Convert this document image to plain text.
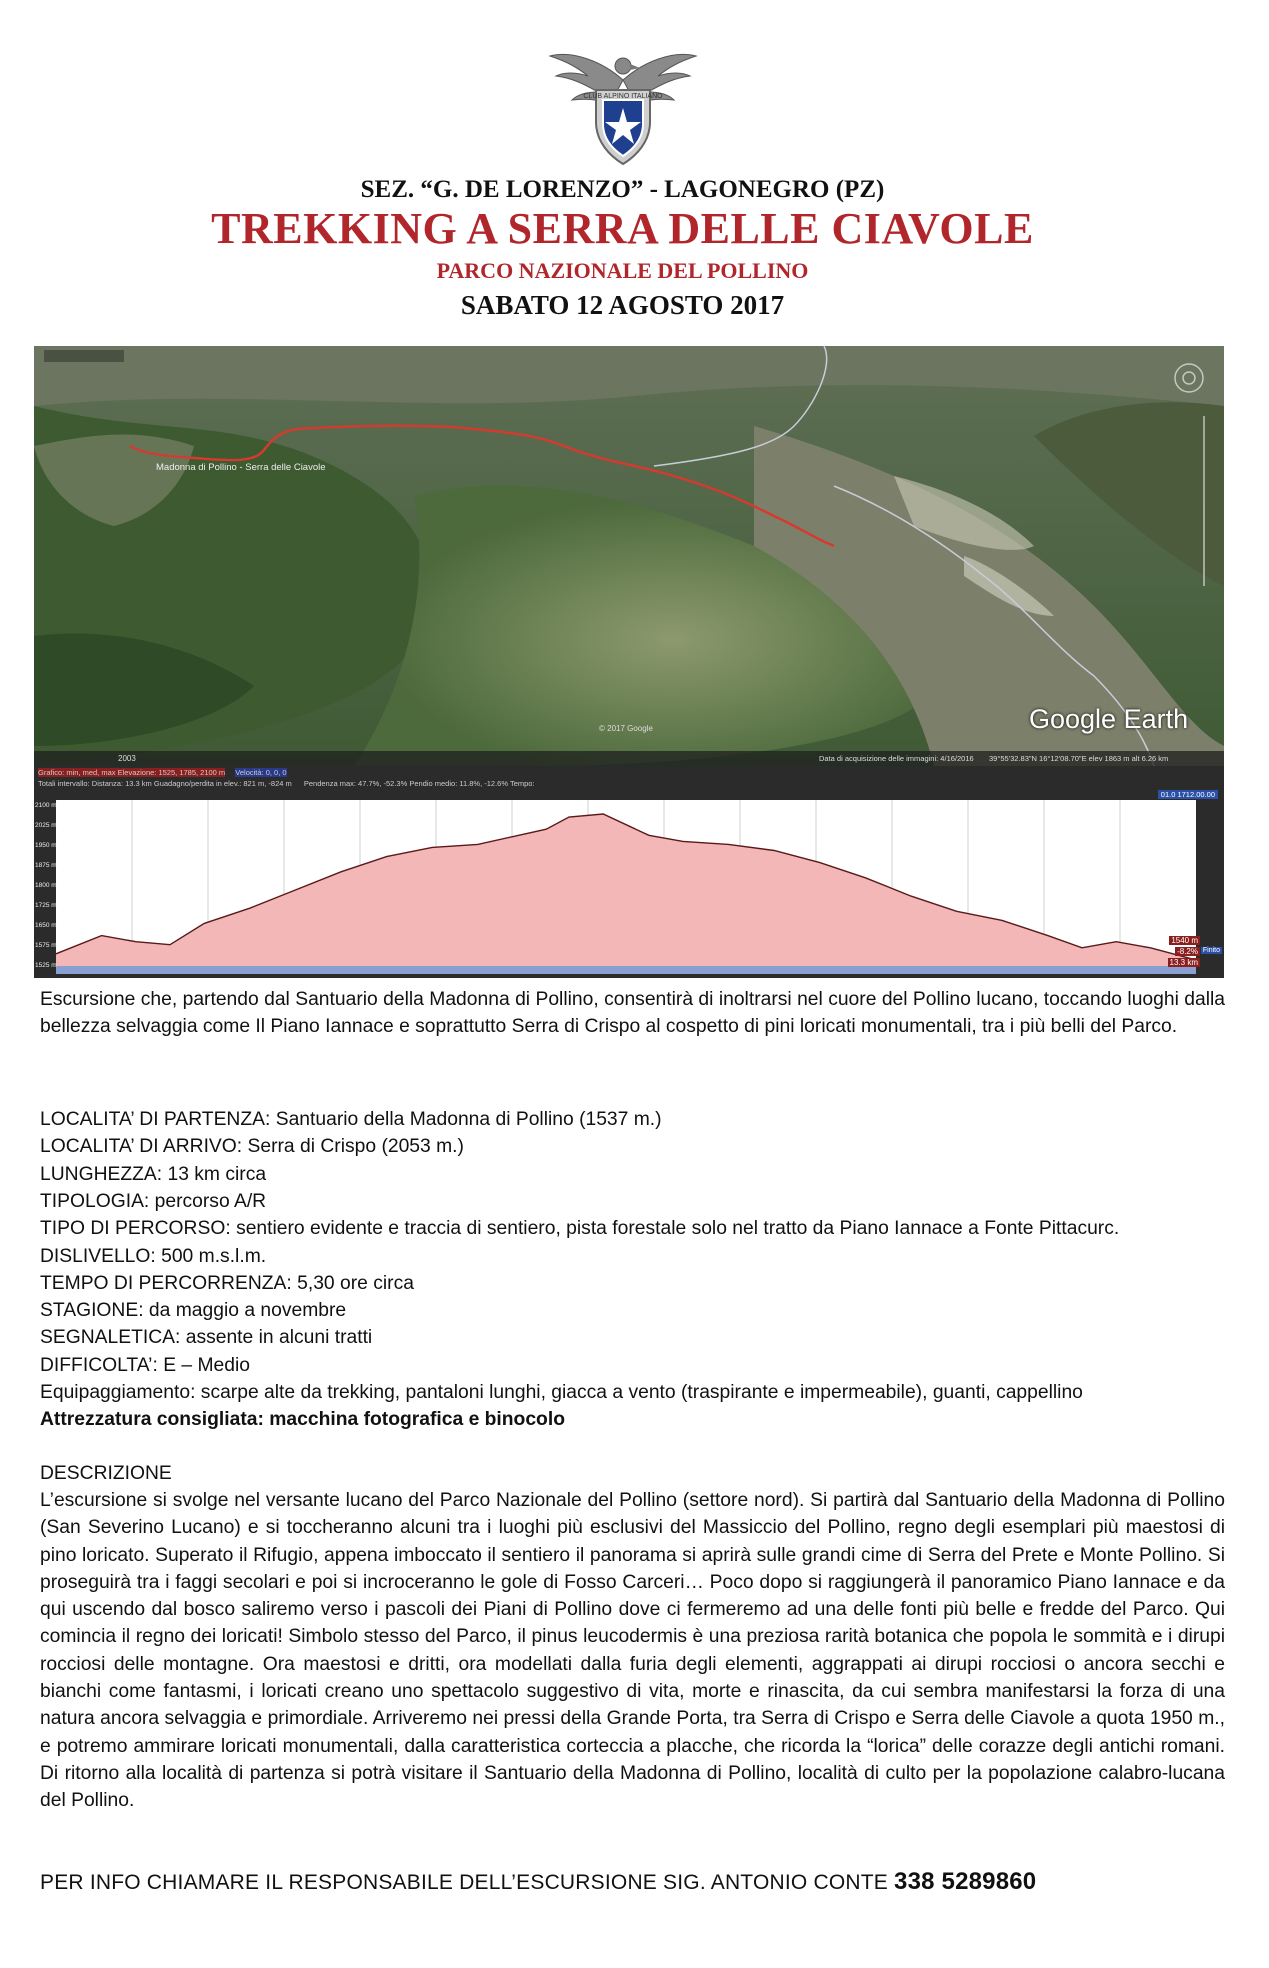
CLUB ALPINO ITALIANO
SEZ. “G. DE LORENZO” - LAGONEGRO (PZ)
TREKKING A SERRA DELLE CIAVOLE
PARCO NAZIONALE DEL POLLINO
SABATO 12 AGOSTO 2017
Madonna di Pollino - Serra delle Ciavole
Google Earth
© 2017 Google
2003	Data di acquisizione delle immagini: 4/16/2016 39°55'32.83"N 16°12'08.70"E elev 1863 m alt 6.26 km
Grafico: min, med, max Elevazione: 1525, 1785, 2100 m Velocità: 0, 0, 0
Totali intervallo: Distanza: 13.3 km Guadagno/perdita in elev.: 821 m, -824 m Pendenza max: 47.7%, -52.3% Pendio medio: 11.8%, -12.6% Tempo:
01.0 1712.00.00
2100 m
2025 m
1950 m
1875 m
1800 m
1725 m
1650 m
1575 m
1525 m
1540 m
-8.2%
13.3 km
Finito
Escursione che, partendo dal Santuario della Madonna di Pollino, consentirà di inoltrarsi nel cuore del Pollino lucano, toccando luoghi dalla bellezza selvaggia come Il Piano Iannace e soprattutto Serra di Crispo al cospetto di pini loricati monumentali, tra i più belli del Parco.
LOCALITA’ DI PARTENZA: Santuario della Madonna di Pollino (1537 m.)
LOCALITA’ DI ARRIVO: Serra di Crispo (2053 m.)
LUNGHEZZA: 13 km circa
TIPOLOGIA: percorso A/R
TIPO DI PERCORSO: sentiero evidente e traccia di sentiero, pista forestale solo nel tratto da Piano Iannace a Fonte Pittacurc.
DISLIVELLO: 500 m.s.l.m.
TEMPO DI PERCORRENZA: 5,30 ore circa
STAGIONE: da maggio a novembre
SEGNALETICA: assente in alcuni tratti
DIFFICOLTA’: E – Medio
Equipaggiamento: scarpe alte da trekking, pantaloni lunghi, giacca a vento (traspirante e impermeabile), guanti, cappellino
Attrezzatura consigliata: macchina fotografica e binocolo
DESCRIZIONE
L’escursione si svolge nel versante lucano del Parco Nazionale del Pollino (settore nord). Si partirà dal Santuario della Madonna di Pollino (San Severino Lucano) e si toccheranno alcuni tra i luoghi più esclusivi del Massiccio del Pollino, regno degli esemplari più maestosi di pino loricato. Superato il Rifugio, appena imboccato il sentiero il panorama si aprirà sulle grandi cime di Serra del Prete e Monte Pollino. Si proseguirà tra i faggi secolari e poi si incroceranno le gole di Fosso Carceri… Poco dopo si raggiungerà il panoramico Piano Iannace e da qui uscendo dal bosco saliremo verso i pascoli dei Piani di Pollino dove ci fermeremo ad una delle fonti più belle e fredde del Parco. Qui comincia il regno dei loricati! Simbolo stesso del Parco, il pinus leucodermis è una preziosa rarità botanica che popola le sommità e i dirupi rocciosi delle montagne. Ora maestosi e dritti, ora modellati dalla furia degli elementi, aggrappati ai dirupi rocciosi o ancora secchi e bianchi come fantasmi, i loricati creano uno spettacolo suggestivo di vita, morte e rinascita, da cui sembra manifestarsi la forza di una natura ancora selvaggia e primordiale. Arriveremo nei pressi della Grande Porta, tra Serra di Crispo e Serra delle Ciavole a quota 1950 m., e potremo ammirare loricati monumentali, dalla caratteristica corteccia a placche, che ricorda la “lorica” delle corazze degli antichi romani. Di ritorno alla località di partenza si potrà visitare il Santuario della Madonna di Pollino, località di culto per la popolazione calabro-lucana del Pollino.
PER INFO CHIAMARE IL RESPONSABILE DELL’ESCURSIONE SIG. ANTONIO CONTE 338 5289860
